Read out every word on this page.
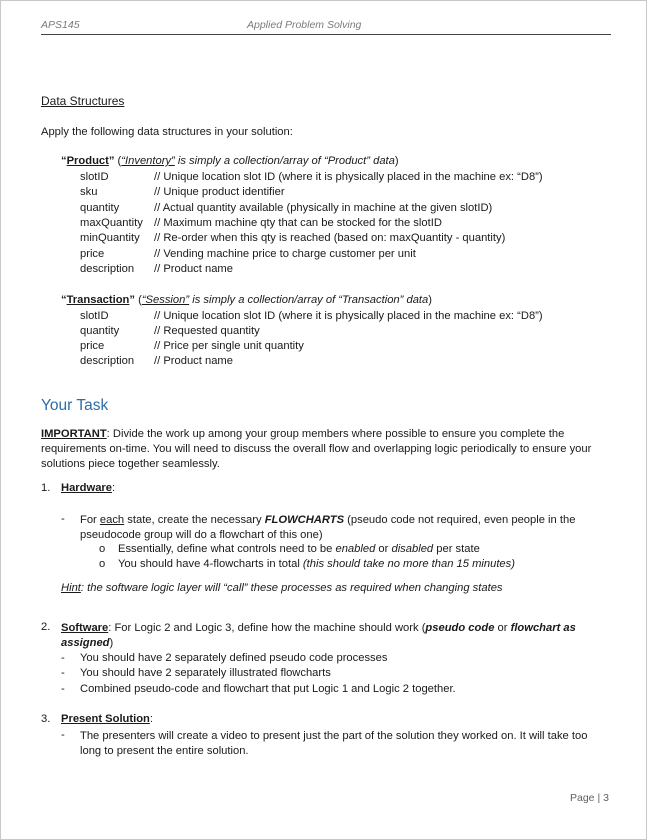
APS145	Applied Problem Solving
Data Structures
Apply the following data structures in your solution:
“Product” (“Inventory” is simply a collection/array of “Product” data)
slotID	// Unique location slot ID (where it is physically placed in the machine ex: “D8”)
sku	// Unique product identifier
quantity	// Actual quantity available (physically in machine at the given slotID)
maxQuantity // Maximum machine qty that can be stocked for the slotID
minQuantity // Re-order when this qty is reached (based on: maxQuantity - quantity)
price	// Vending machine price to charge customer per unit
description // Product name
“Transaction” (“Session” is simply a collection/array of “Transaction” data)
slotID	// Unique location slot ID (where it is physically placed in the machine ex: “D8”)
quantity	// Requested quantity
price	// Price per single unit quantity
description // Product name
Your Task
IMPORTANT: Divide the work up among your group members where possible to ensure you complete the requirements on-time. You will need to discuss the overall flow and overlapping logic periodically to ensure your solutions piece together seamlessly.
1. Hardware:
- For each state, create the necessary FLOWCHARTS (pseudo code not required, even people in the pseudocode group will do a flowchart of this one)
o Essentially, define what controls need to be enabled or disabled per state
o You should have 4-flowcharts in total (this should take no more than 15 minutes)
Hint: the software logic layer will “call” these processes as required when changing states
2. Software: For Logic 2 and Logic 3, define how the machine should work (pseudo code or flowchart as assigned)
- You should have 2 separately defined pseudo code processes
- You should have 2 separately illustrated flowcharts
- Combined pseudo-code and flowchart that put Logic 1 and Logic 2 together.
3. Present Solution:
- The presenters will create a video to present just the part of the solution they worked on. It will take too long to present the entire solution.
Page | 3
